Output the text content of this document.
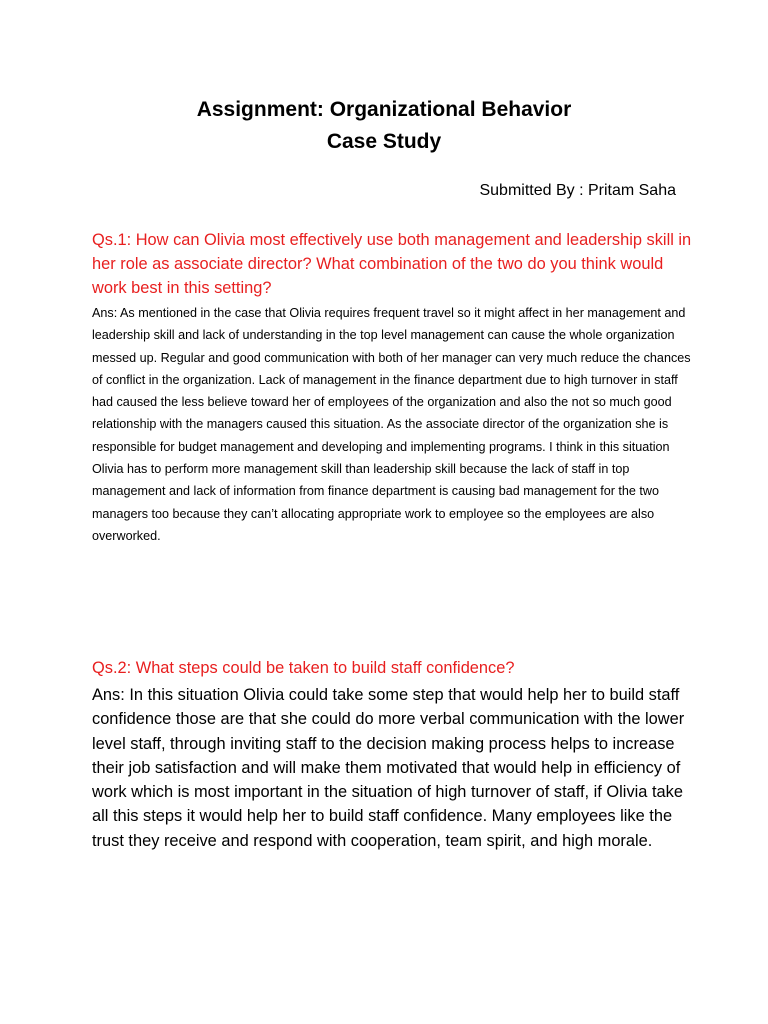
Assignment: Organizational Behavior
Case Study
Submitted By : Pritam Saha
Qs.1: How can Olivia most effectively use both management and leadership skill in her role as associate director? What combination of the two do you think would work best in this setting?
Ans: As mentioned in the case that Olivia requires frequent travel so it might affect in her management and leadership skill and lack of understanding in the top level management can cause the whole organization messed up. Regular and good communication with both of her manager can very much reduce the chances of conflict in the organization. Lack of management in the finance department due to high turnover in staff had caused the less believe toward her of employees of the organization and also the not so much good relationship with the managers caused this situation. As the associate director of the organization she is responsible for budget management and developing and implementing programs. I think in this situation Olivia has to perform more management skill than leadership skill because the lack of staff in top management and lack of information from finance department is causing bad management for the two managers too because they can’t allocating appropriate work to employee so the employees are also overworked.
Qs.2: What steps could be taken to build staff confidence?
Ans: In this situation Olivia could take some step that would help her to build staff confidence those are that she could do more verbal communication with the lower level staff, through inviting staff to the decision making process helps to increase their job satisfaction and will make them motivated that would help in efficiency of work which is most important in the situation of high turnover of staff, if Olivia take all this steps it would help her to build staff confidence. Many employees like the trust they receive and respond with cooperation, team spirit, and high morale.
